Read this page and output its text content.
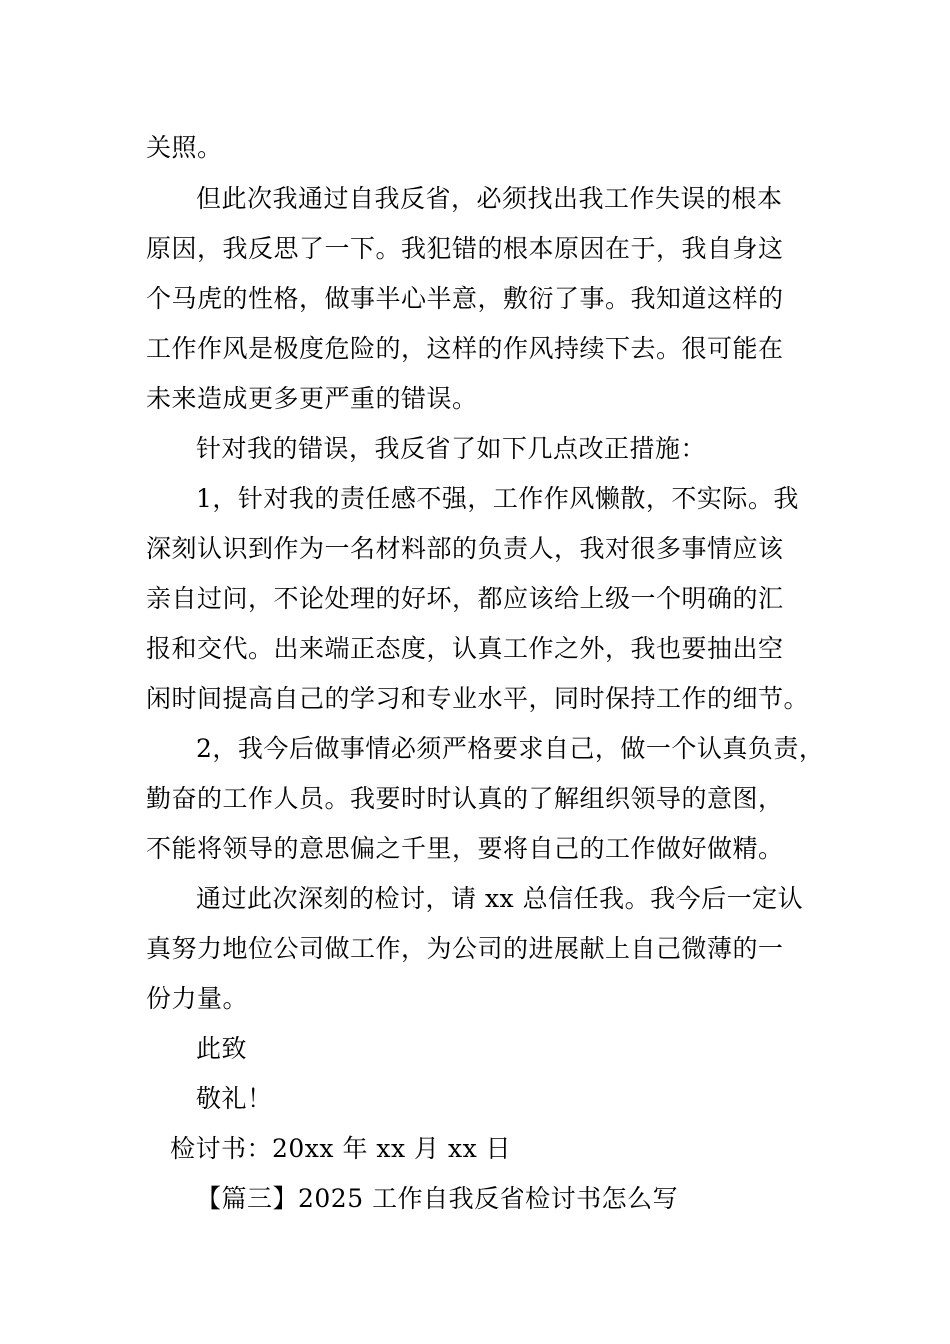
关照。
但此次我通过自我反省，必须找出我工作失误的根本
原因，我反思了一下。我犯错的根本原因在于，我自身这
个马虎的性格，做事半心半意，敷衍了事。我知道这样的
工作作风是极度危险的，这样的作风持续下去。很可能在
未来造成更多更严重的错误。
针对我的错误，我反省了如下几点改正措施：
1，针对我的责任感不强，工作作风懒散，不实际。我
深刻认识到作为一名材料部的负责人，我对很多事情应该
亲自过问，不论处理的好坏，都应该给上级一个明确的汇
报和交代。出来端正态度，认真工作之外，我也要抽出空
闲时间提高自己的学习和专业水平，同时保持工作的细节。
2，我今后做事情必须严格要求自己，做一个认真负责，
勤奋的工作人员。我要时时认真的了解组织领导的意图，
不能将领导的意思偏之千里，要将自己的工作做好做精。
通过此次深刻的检讨，请 xx 总信任我。我今后一定认
真努力地位公司做工作，为公司的进展献上自己微薄的一
份力量。
此致
敬礼！
检讨书：20xx 年 xx 月 xx 日
【篇三】2025 工作自我反省检讨书怎么写
